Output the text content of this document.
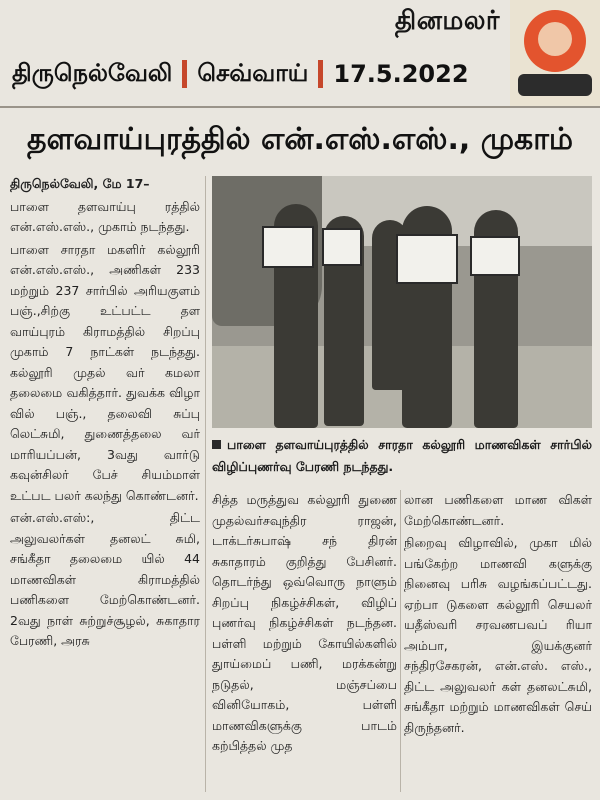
தினமலர்
திருநெல்வேலி செவ்வாய் 17.5.2022
தளவாய்புரத்தில் என்.எஸ்.எஸ்., முகாம்

திருநெல்வேலி, மே 17–

பாளை தளவாய்பு ரத்தில் என்.எஸ்.எஸ்., முகாம் நடந்தது.

பாளை சாரதா மகளிர் கல்லூரி என்.எஸ்.எஸ்., அணிகள் 233 மற்றும் 237 சார்பில் அரியகுளம் பஞ்.,சிற்கு உட்பட்ட தள வாய்புரம் கிராமத்தில் சிறப்பு முகாம் 7 நாட்கள் நடந்தது. கல்லூரி முதல் வர் கமலா தலைமை வகித்தார். துவக்க விழா வில் பஞ்., தலைவி சுப்பு லெட்சுமி, துணைத்தலை வர் மாரியப்பன், 3வது வார்டு கவுன்சிலர் பேச் சியம்மாள் உட்பட பலர் கலந்து கொண்டனர்.

என்.எஸ்.எஸ்:, திட்ட அலுவலர்கள் தனலட் சுமி, சங்கீதா தலைமை யில் 44 மாணவிகள் கிராமத்தில் பணிகளை மேற்கொண்டனர். 2வது நாள் சுற்றுச்சூழல், சுகாதார பேரணி, அரசு

பாளை தளவாய்புரத்தில் சாரதா கல்லூரி மாணவிகள் சார்பில் விழிப்புணர்வு பேரணி நடந்தது.

சித்த மருத்துவ கல்லூரி துணை முதல்வர்சவுந்திர ராஜன், டாக்டர்சுபாஷ் சந் திரன் சுகாதாரம் குறித்து பேசினர். தொடர்ந்து ஒவ்வொரு நாளும் சிறப்பு நிகழ்ச்சிகள், விழிப் புணர்வு நிகழ்ச்சிகள் நடந்தன. பள்ளி மற்றும் கோயில்களில் துாய்மைப் பணி, மரக்கன்று நடுதல், மஞ்சப்பை வினியோகம், பள்ளி மாணவிகளுக்கு பாடம் கற்பித்தல் முத

லான பணிகளை மாண விகள் மேற்கொண்டனர்.

நிறைவு விழாவில், முகா மில் பங்கேற்ற மாணவி களுக்கு நினைவு பரிசு வழங்கப்பட்டது. ஏற்பா டுகளை கல்லூரி செயலர் யதீஸ்வரி சரவணபவப் ரியா அம்பா, இயக்குனர் சந்திரசேகரன், என்.எஸ். எஸ்., திட்ட அலுவலர் கள் தனலட்சுமி, சங்கீதா மற்றும் மாணவிகள் செய் திருந்தனர்.
